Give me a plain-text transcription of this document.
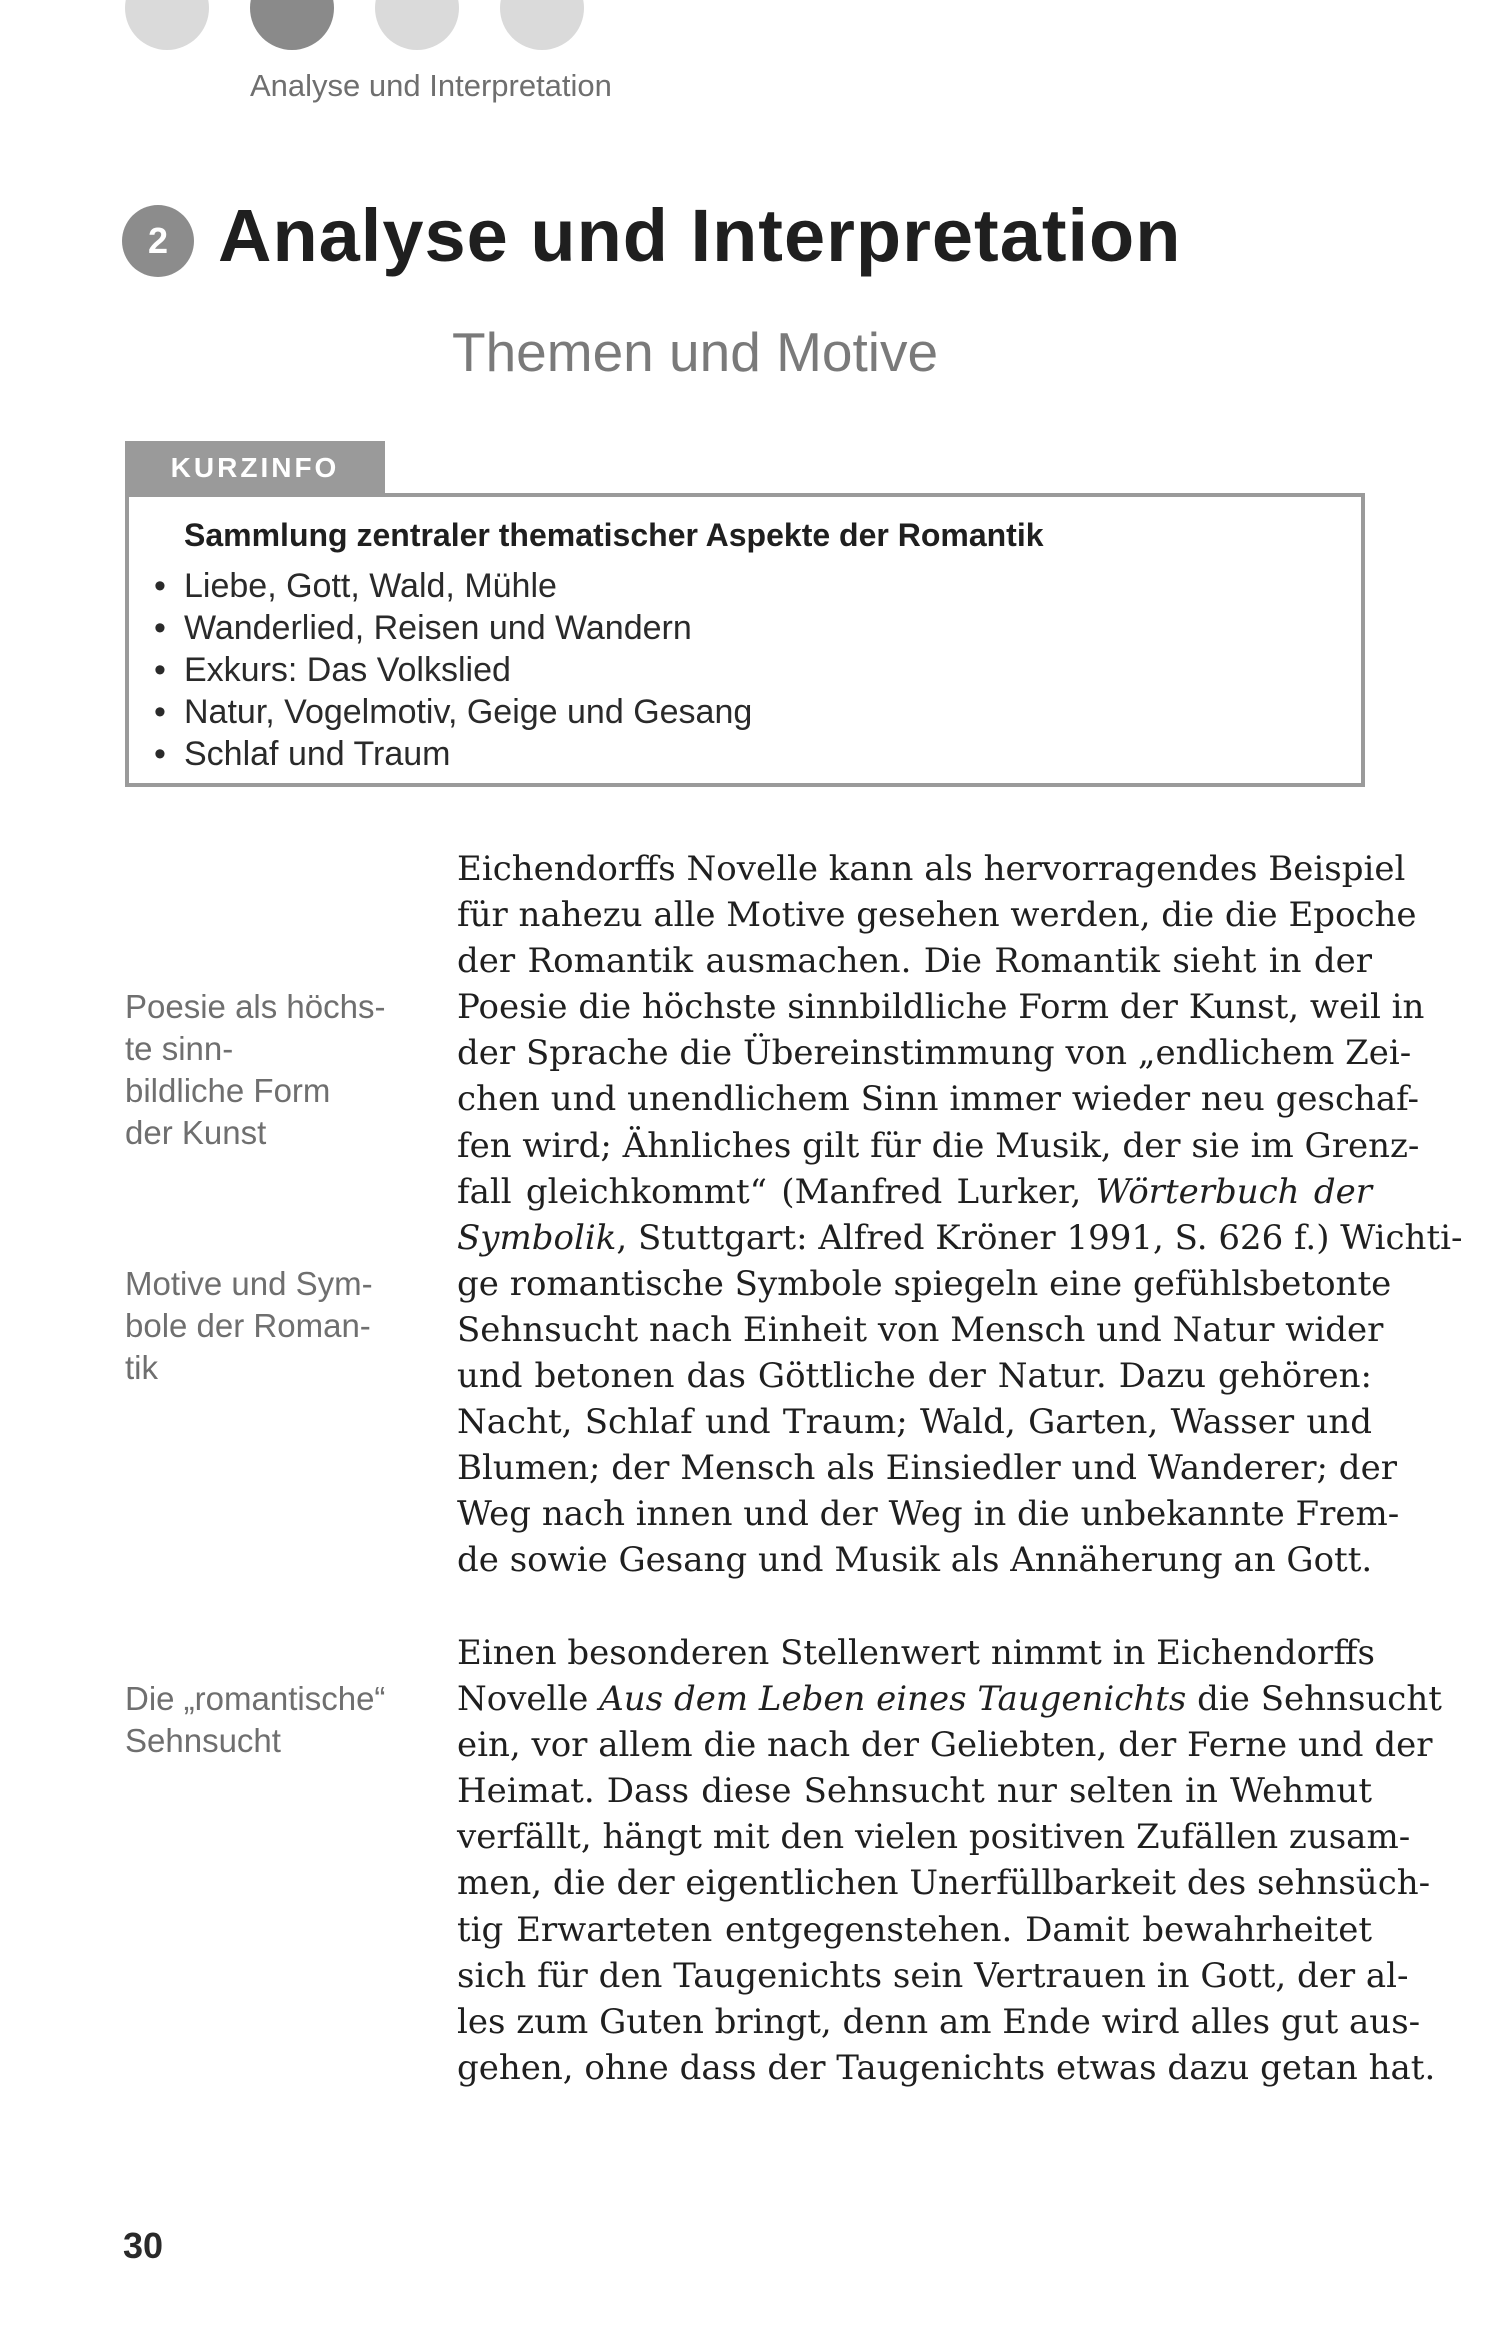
Analyse und Interpretation
2 Analyse und Interpretation
Themen und Motive
KURZINFO
Sammlung zentraler thematischer Aspekte der Romantik
• Liebe, Gott, Wald, Mühle
• Wanderlied, Reisen und Wandern
• Exkurs: Das Volkslied
• Natur, Vogelmotiv, Geige und Gesang
• Schlaf und Traum
Poesie als höchs-
te sinn-
bildliche Form
der Kunst
Motive und Sym-
bole der Roman-
tik
Die „romantische“
Sehnsucht
Eichendorffs Novelle kann als hervorragendes Beispiel
für nahezu alle Motive gesehen werden, die die Epoche
der Romantik ausmachen. Die Romantik sieht in der
Poesie die höchste sinnbildliche Form der Kunst, weil in
der Sprache die Übereinstimmung von „endlichem Zei-
chen und unendlichem Sinn immer wieder neu geschaf-
fen wird; Ähnliches gilt für die Musik, der sie im Grenz-
fall gleichkommt“ (Manfred Lurker, Wörterbuch der
Symbolik, Stuttgart: Alfred Kröner 1991, S. 626 f.) Wichti-
ge romantische Symbole spiegeln eine gefühlsbetonte
Sehnsucht nach Einheit von Mensch und Natur wider
und betonen das Göttliche der Natur. Dazu gehören:
Nacht, Schlaf und Traum; Wald, Garten, Wasser und
Blumen; der Mensch als Einsiedler und Wanderer; der
Weg nach innen und der Weg in die unbekannte Frem-
de sowie Gesang und Musik als Annäherung an Gott.
Einen besonderen Stellenwert nimmt in Eichendorffs
Novelle Aus dem Leben eines Taugenichts die Sehnsucht
ein, vor allem die nach der Geliebten, der Ferne und der
Heimat. Dass diese Sehnsucht nur selten in Wehmut
verfällt, hängt mit den vielen positiven Zufällen zusam-
men, die der eigentlichen Unerfüllbarkeit des sehnsüch-
tig Erwarteten entgegenstehen. Damit bewahrheitet
sich für den Taugenichts sein Vertrauen in Gott, der al-
les zum Guten bringt, denn am Ende wird alles gut aus-
gehen, ohne dass der Taugenichts etwas dazu getan hat.
30
